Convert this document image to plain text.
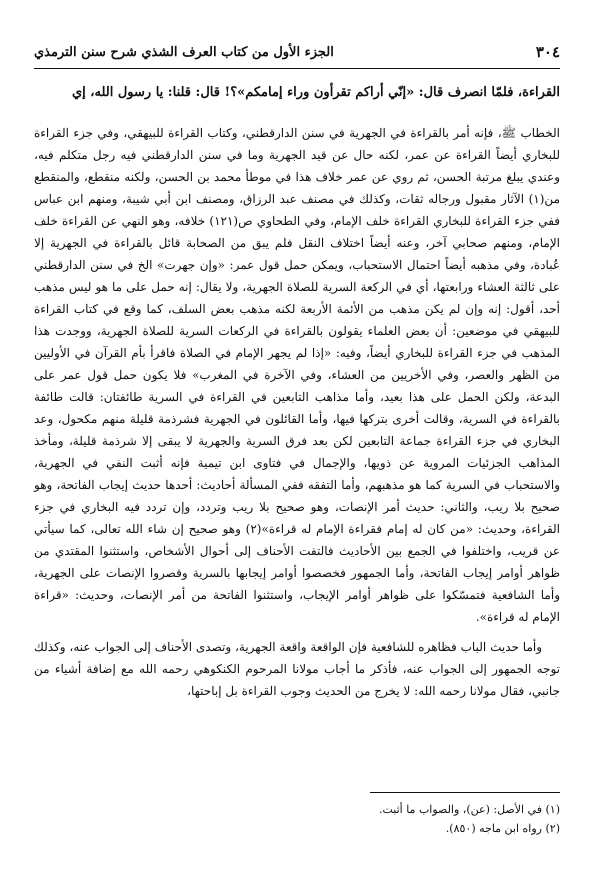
٣٠٤
الجزء الأول من كتاب العرف الشذي شرح سنن الترمذي

القراءة، فلمّا انصرف قال: «إنّي أراكم تقرأون وراء إمامكم»؟! قال: قلنا: يا رسول الله، إي

الخطاب ﷺ، فإنه أمر بالقراءة في الجهرية في سنن الدارقطني، وكتاب القراءة للبيهقي، وفي جزء القراءة للبخاري أيضاً القراءة عن عمر، لكنه حال عن قيد الجهرية وما في سنن الدارقطني فيه رجل متكلم فيه، وعندي يبلغ مرتبة الحسن، ثم روي عن عمر خلاف هذا في موطأ محمد بن الحسن، ولكنه منقطع، والمنقطع من(١) الآثار مقبول ورجاله ثقات، وكذلك في مصنف عبد الرزاق، ومصنف ابن أبي شيبة، ومنهم ابن عباس ففي جزء القراءة للبخاري القراءة خلف الإمام، وفي الطحاوي ص(١٢١) خلافه، وهو النهي عن القراءة خلف الإمام، ومنهم صحابي آخر، وعنه أيضاً اختلاف النقل فلم يبق من الصحابة قائل بالقراءة في الجهرية إلا عُبادة، وفي مذهبه أيضاً احتمال الاستحباب، ويمكن حمل قول عمر: «وإن جهرت» الخ في سنن الدارقطني على ثالثة العشاء ورابعتها، أي في الركعة السرية للصلاة الجهرية، ولا يقال: إنه حمل على ما هو ليس مذهب أحد، أقول: إنه وإن لم يكن مذهب من الأئمة الأربعة لكنه مذهب بعض السلف، كما وقع في كتاب القراءة للبيهقي في موضعين: أن بعض العلماء يقولون بالقراءة في الركعات السرية للصلاة الجهرية، ووجدت هذا المذهب في جزء القراءة للبخاري أيضاً، وفيه: «إذا لم يجهر الإمام في الصلاة فاقرأ بأم القرآن في الأوليين من الظهر والعصر، وفي الأخريين من العشاء، وفي الآخرة في المغرب» فلا يكون حمل قول عمر على البدعة، ولكن الحمل على هذا بعيد، وأما مذاهب التابعين في القراءة في السرية طائفتان: قالت طائفة بالقراءة في السرية، وقالت أخرى بتركها فيها، وأما القائلون في الجهرية فشرذمة قليلة منهم مكحول، وعد البخاري في جزء القراءة جماعة التابعين لكن بعد فرق السرية والجهرية لا يبقى إلا شرذمة قليلة، ومأخذ المذاهب الجزئيات المروية عن ذويها، والإجمال في فتاوى ابن تيمية فإنه أثبت النفي في الجهرية، والاستحباب في السرية كما هو مذهبهم، وأما التفقه ففي المسألة أحاديث: أحدها حديث إيجاب الفاتحة، وهو صحيح بلا ريب، والثاني: حديث أمر الإنصات، وهو صحيح بلا ريب وتردد، وإن تردد فيه البخاري في جزء القراءة، وحديث: «من كان له إمام فقراءة الإمام له قراءة»(٢) وهو صحيح إن شاء الله تعالى، كما سيأتي عن قريب، واختلفوا في الجمع بين الأحاديث فالتفت الأحناف إلى أحوال الأشخاص، واستثنوا المقتدي من ظواهر أوامر إيجاب الفاتحة، وأما الجمهور فخصصوا أوامر إيجابها بالسرية وقصروا الإنصات على الجهرية، وأما الشافعية فتمسّكوا على ظواهر أوامر الإيجاب، واستثنوا الفاتحة من أمر الإنصات، وحديث: «قراءة الإمام له قراءة».

وأما حديث الباب فظاهره للشافعية فإن الواقعة واقعة الجهرية، وتصدى الأحناف إلى الجواب عنه، وكذلك توجه الجمهور إلى الجواب عنه، فأذكر ما أجاب مولانا المرحوم الكنكوهي رحمه الله مع إضافة أشياء من جانبي، فقال مولانا رحمه الله: لا يخرج من الحديث وجوب القراءة بل إباحتها،

(١) في الأصل: (عن)، والصواب ما أثبت.
(٢) رواه ابن ماجه (٨٥٠).
